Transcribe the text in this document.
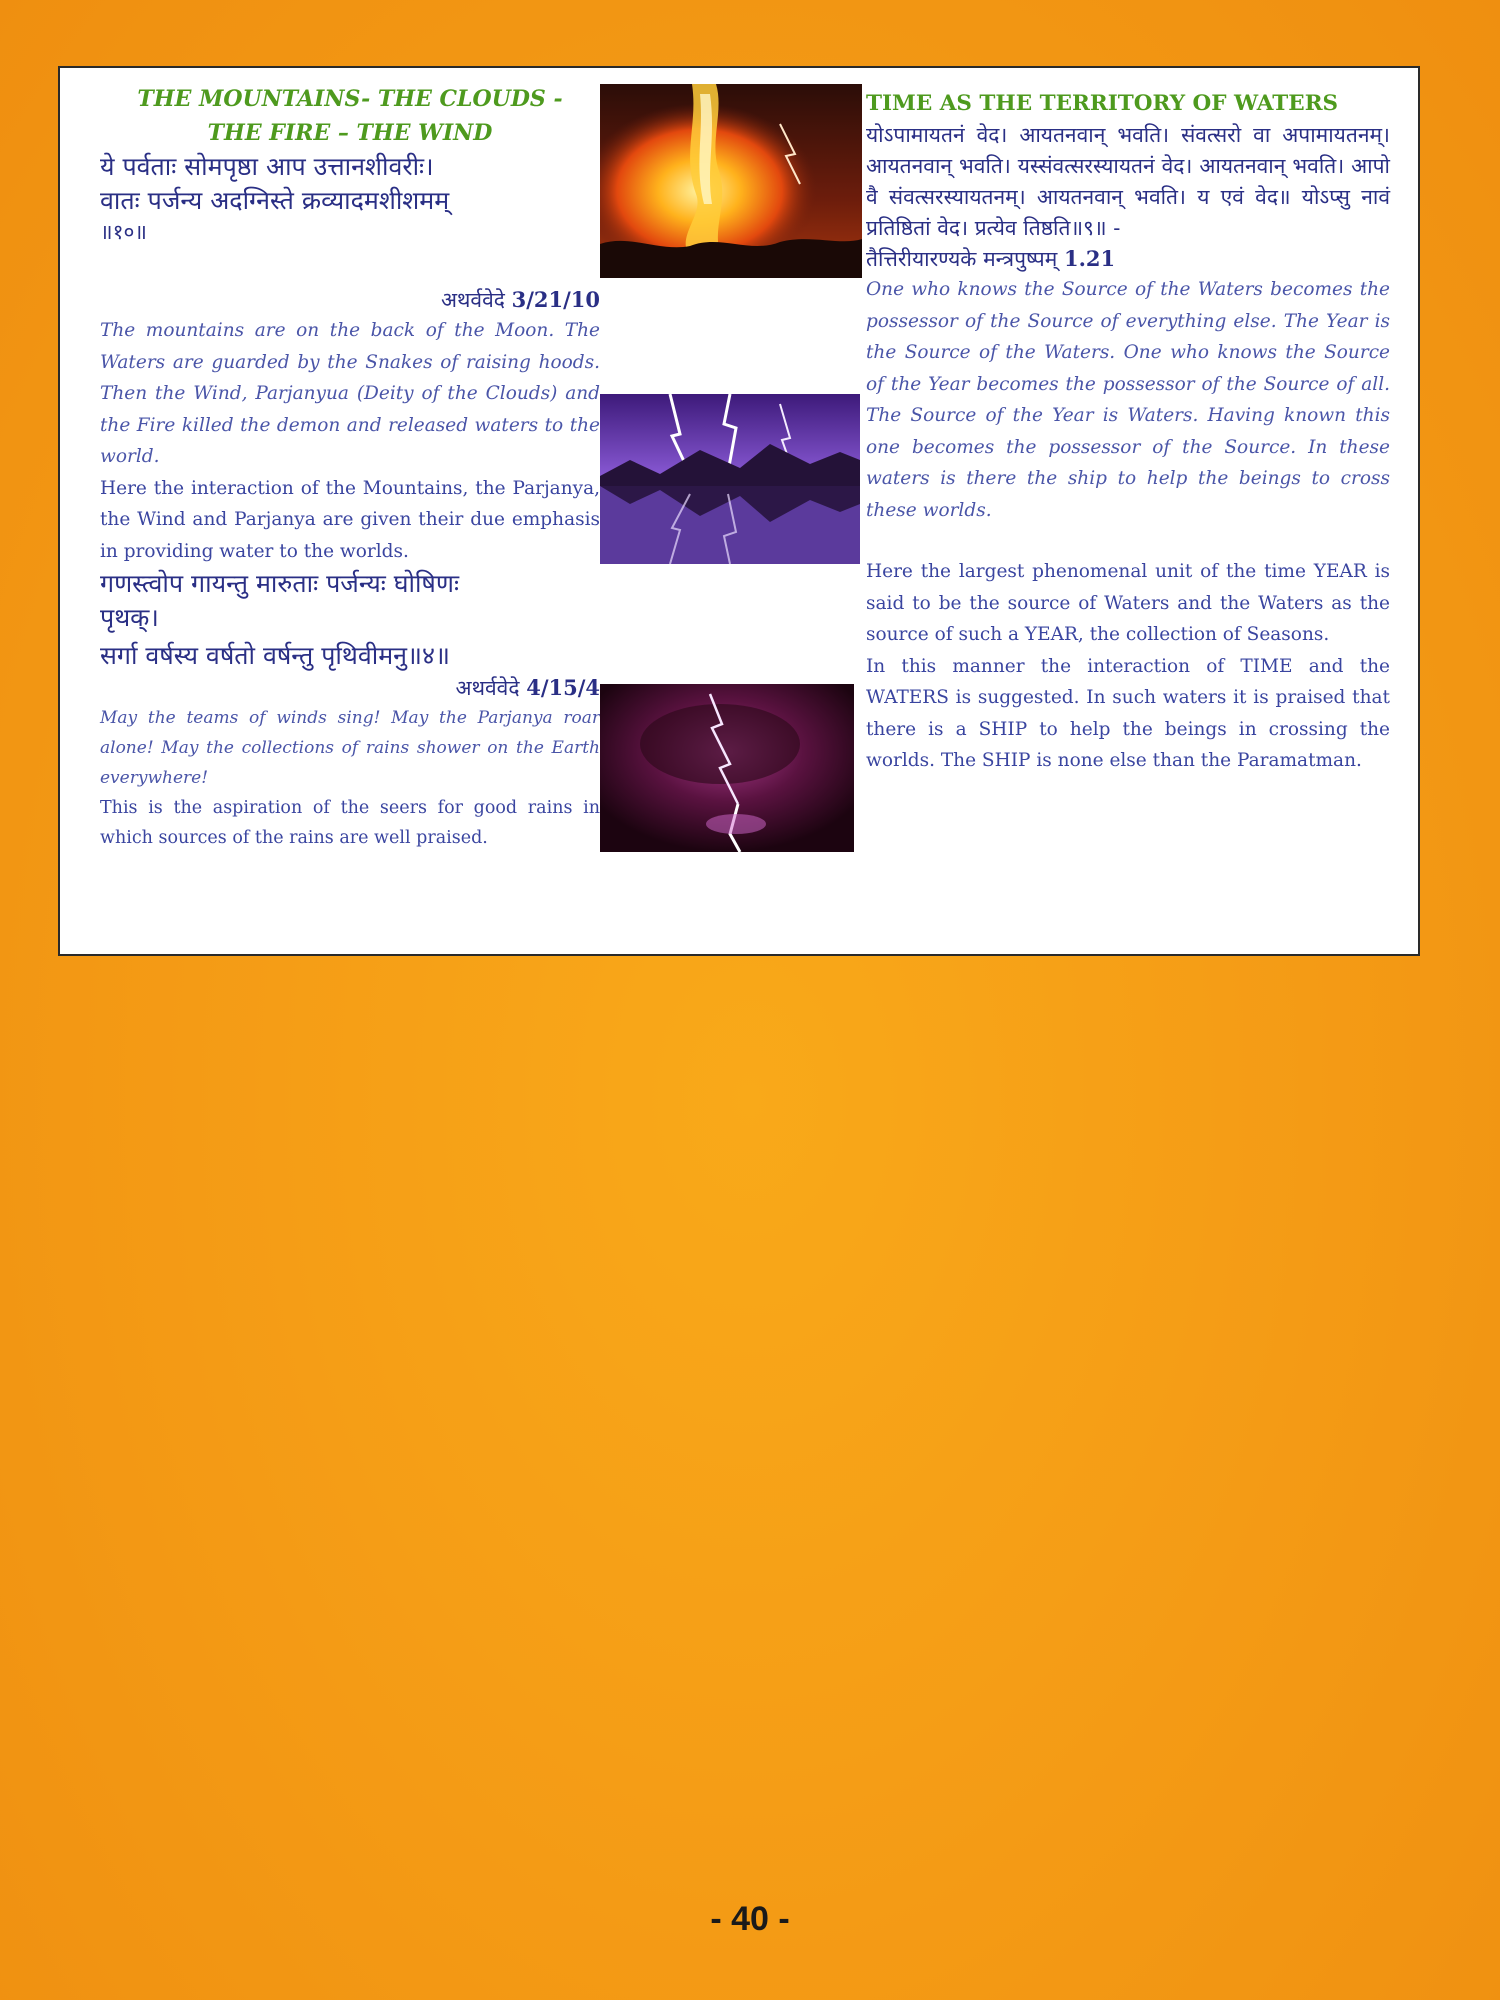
THE MOUNTAINS- THE CLOUDS -

THE FIRE – THE WIND

ये पर्वताः सोमपृष्ठा आप उत्तानशीवरीः।

वातः पर्जन्य अदग्निस्ते क्रव्यादमशीशमम्

॥१०॥

अथर्ववेदे 3/21/10

The mountains are on the back of the Moon. The Waters are guarded by the Snakes of raising hoods. Then the Wind, Parjanyua (Deity of the Clouds) and the Fire killed the demon and released waters to the world.

Here the interaction of the Mountains, the Parjanya, the Wind and Parjanya are given their due emphasis in providing water to the worlds.

गणस्त्वोप गायन्तु मारुताः पर्जन्यः घोषिणः

पृथक्।

सर्गा वर्षस्य वर्षतो वर्षन्तु पृथिवीमनु॥४॥

अथर्ववेदे 4/15/4

May the teams of winds sing! May the Parjanya roar alone! May the collections of rains shower on the Earth everywhere!

This is the aspiration of the seers for good rains in which sources of the rains are well praised.

TIME AS THE TERRITORY OF WATERS

योऽपामायतनं वेद। आयतनवान् भवति। संवत्सरो वा अपामायतनम्। आयतनवान् भवति। यस्संवत्सरस्यायतनं वेद। आयतनवान् भवति। आपो वै संवत्सरस्यायतनम्। आयतनवान् भवति। य एवं वेद॥ योऽप्सु नावं प्रतिष्ठितां वेद। प्रत्येव तिष्ठति॥९॥ -

तैत्तिरीयारण्यके मन्त्रपुष्पम् 1.21

One who knows the Source of the Waters becomes the possessor of the Source of everything else. The Year is the Source of the Waters. One who knows the Source of the Year becomes the possessor of the Source of all. The Source of the Year is Waters. Having known this one becomes the possessor of the Source. In these waters is there the ship to help the beings to cross these worlds.

Here the largest phenomenal unit of the time YEAR is said to be the source of Waters and the Waters as the source of such a YEAR, the collection of Seasons.

In this manner the interaction of TIME and the WATERS is suggested. In such waters it is praised that there is a SHIP to help the beings in crossing the worlds. The SHIP is none else than the Paramatman.

- 40 -
